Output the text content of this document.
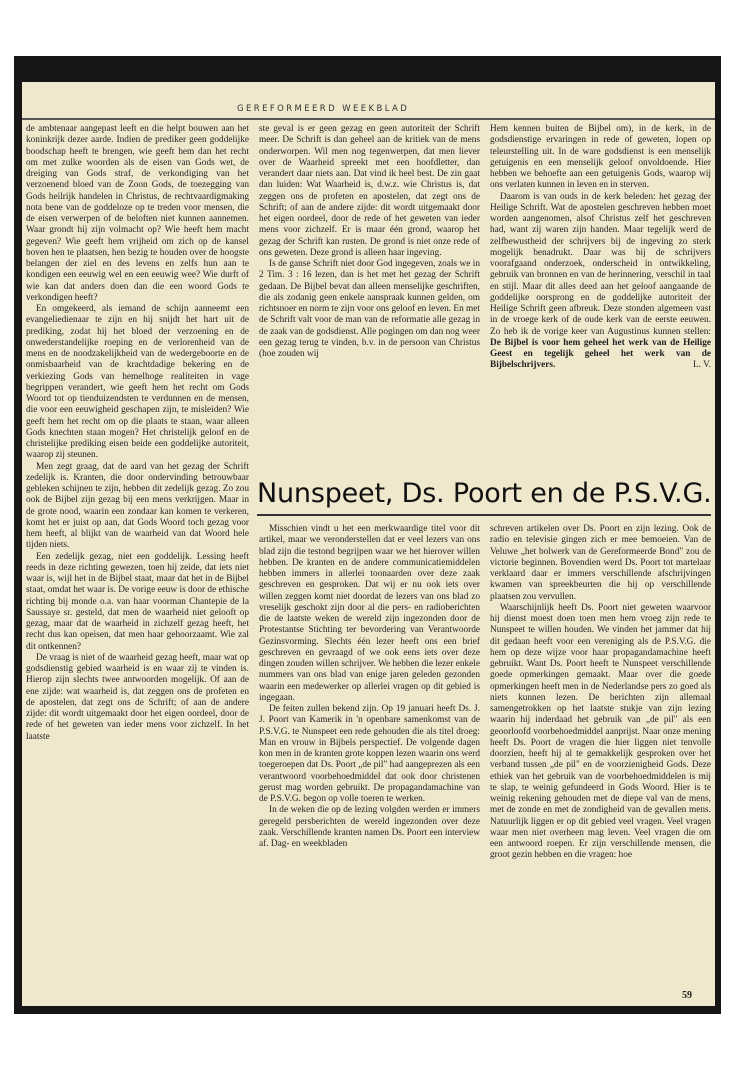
GEREFORMEERD WEEKBLAD

de ambtenaar aangepast leeft en die helpt bouwen aan het koninkrijk dezer aarde. Indien de prediker geen goddelijke boodschap heeft te brengen, wie geeft hem dan het recht om met zulke woorden als de eisen van Gods wet, de dreiging van Gods straf, de verkondiging van het verzoenend bloed van de Zoon Gods, de toezegging van Gods heilrijk handelen in Christus, de rechtvaardigmaking nota bene van de goddeloze op te treden voor mensen, die de eisen verwerpen of de beloften niet kunnen aannemen. Waar grondt hij zijn volmacht op? Wie heeft hem macht gegeven? Wie geeft hem vrijheid om zich op de kansel boven hen te plaatsen, hen bezig te houden over de hoogste belangen der ziel en des levens en zelfs hun aan te kondigen een eeuwig wel en een eeuwig wee? Wie durft of wie kan dat anders doen dan die een woord Gods te verkondigen heeft?

En omgekeerd, als iemand de schijn aanneemt een evangeliedienaar te zijn en hij snijdt het hart uit de prediking, zodat hij het bloed der verzoening en de onwederstandelijke roeping en de verlorenheid van de mens en de noodzakelijkheid van de wedergeboorte en de onmisbaarheid van de krachtdadige bekering en de verkiezing Gods van hemelhoge realiteiten in vage begrippen verandert, wie geeft hem het recht om Gods Woord tot op tienduizendsten te verdunnen en de mensen, die voor een eeuwigheid geschapen zijn, te misleiden? Wie geeft hem het recht om op die plaats te staan, waar alleen Gods knechten staan mogen? Het christelijk geloof en de christelijke prediking eisen beide een goddelijke autoriteit, waarop zij steunen.

Men zegt graag, dat de aard van het gezag der Schrift zedelijk is. Kranten, die door ondervinding betrouwbaar gebleken schijnen te zijn, hebben dit zedelijk gezag. Zo zou ook de Bijbel zijn gezag bij een mens verkrijgen. Maar in de grote nood, waarin een zondaar kan komen te verkeren, komt het er juist op aan, dat Gods Woord toch gezag voor hem heeft, al blijkt van de waarheid van dat Woord hele tijden niets.

Een zedelijk gezag, niet een goddelijk. Lessing heeft reeds in deze richting gewezen, toen hij zeide, dat iets niet waar is, wijl het in de Bijbel staat, maar dat het in de Bijbel staat, omdat het waar is. De vorige eeuw is door de ethische richting bij monde o.a. van haar voorman Chantepie de la Saussaye sr. gesteld, dat men de waarheid niet gelooft op gezag, maar dat de waarheid in zichzelf gezag heeft, het recht dus kan opeisen, dat men haar gehoorzaamt. Wie zal dit ontkennen?

De vraag is niet of de waarheid gezag heeft, maar wat op godsdienstig gebied waarheid is en waar zij te vinden is. Hierop zijn slechts twee antwoorden mogelijk. Of aan de ene zijde: wat waarheid is, dat zeggen ons de profeten en de apostelen, dat zegt ons de Schrift; of aan de andere zijde: dit wordt uitgemaakt door het eigen oordeel, door de rede of het geweten van ieder mens voor zichzelf. In het laatste

ste geval is er geen gezag en geen autoriteit der Schrift meer. De Schrift is dan geheel aan de kritiek van de mens onderworpen. Wil men nog tegenwerpen, dat men liever over de Waarheid spreekt met een hoofdletter, dan verandert daar niets aan. Dat vind ik heel best. De zin gaat dan luiden: Wat Waarheid is, d.w.z. wie Christus is, dat zeggen ons de profeten en apostelen, dat zegt ons de Schrift; of aan de andere zijde: dit wordt uitgemaakt door het eigen oordeel, door de rede of het geweten van ieder mens voor zichzelf. Er is maar één grond, waarop het gezag der Schrift kan rusten. De grond is niet onze rede of ons geweten. Deze grond is alleen haar ingeving.

Is de ganse Schrift niet door God ingegeven, zoals we in 2 Tim. 3 : 16 lezen, dan is het met het gezag der Schrift gedaan. De Bijbel bevat dan alleen menselijke geschriften, die als zodanig geen enkele aanspraak kunnen gelden, om richtsnoer en norm te zijn voor ons geloof en leven. En met de Schrift valt voor de man van de reformatie alle gezag in de zaak van de godsdienst. Alle pogingen om dan nog weer een gezag terug te vinden, b.v. in de persoon van Christus (hoe zouden wij

Hem kennen buiten de Bijbel om), in de kerk, in de godsdienstige ervaringen in rede of geweten, lopen op teleurstelling uit. In de ware godsdienst is een menselijk getuigenis en een menselijk geloof onvoldoende. Hier hebben we behoefte aan een getuigenis Gods, waarop wij ons verlaten kunnen in leven en in sterven.

Daarom is van ouds in de kerk beleden: het gezag der Heilige Schrift. Wat de apostelen geschreven hebben moet worden aangenomen, alsof Christus zelf het geschreven had, want zij waren zijn handen. Maar tegelijk werd de zelfbewustheid der schrijvers bij de ingeving zo sterk mogelijk benadrukt. Daar was bij de schrijvers voorafgaand onderzoek, onderscheid in ontwikkeling, gebruik van bronnen en van de herinnering, verschil in taal en stijl. Maar dit alles deed aan het geloof aangaande de goddelijke oorsprong en de goddelijke autoriteit der Heilige Schrift geen afbreuk. Deze stonden algemeen vast in de vroege kerk of de oude kerk van de eerste eeuwen. Zo heb ik de vorige keer van Augustinus kunnen stellen: De Bijbel is voor hem geheel het werk van de Heilige Geest en tegelijk geheel het werk van de Bijbelschrijvers.	L. V.

Nunspeet, Ds. Poort en de P.S.V.G.

Misschien vindt u het een merkwaardige titel voor dit artikel, maar we veronderstellen dat er veel lezers van ons blad zijn die testond begrijpen waar we het hierover willen hebben. De kranten en de andere communicatiemiddelen hebben immers in allerlei toonaarden over deze zaak geschreven en gesproken. Dat wij er nu ook iets over willen zeggen komt niet doordat de lezers van ons blad zo vreselijk geschokt zijn door al die pers- en radioberichten die de laatste weken de wereld zijn ingezonden door de Protestantse Stichting ter bevordering van Verantwoorde Gezinsvorming. Slechts één lezer heeft ons een brief geschreven en gevraagd of we ook eens iets over deze dingen zouden willen schrijver. We hebben die lezer enkele nummers van ons blad van enige jaren geleden gezonden waarin een medewerker op allerlei vragen op dit gebied is ingegaan.

De feiten zullen bekend zijn. Op 19 januari heeft Ds. J. J. Poort van Kamerik in 'n openbare samenkomst van de P.S.V.G. te Nunspeet een rede gehouden die als titel droeg: Man en vrouw in Bijbels perspectief. De volgende dagen kon men in de kranten grote koppen lezen waarin ons werd toegeroepen dat Ds. Poort „de pil" had aangeprezen als een verantwoord voorbehoedmiddel dat ook door christenen gerust mag worden gebruikt. De propagandamachine van de P.S.V.G. begon op volle toeren te werken.

In de weken die op de lezing volgden werden er immers geregeld persberichten de wereld ingezonden over deze zaak. Verschillende kranten namen Ds. Poort een interview af. Dag- en weekbladen

schreven artikelen over Ds. Poort en zijn lezing. Ook de radio en televisie gingen zich er mee bemoeien. Van de Veluwe „het bolwerk van de Gereformeerde Bond" zou de victorie beginnen. Bovendien werd Ds. Poort tot martelaar verklaard daar er immers verschillende afschrijvingen kwamen van spreekbeurten die hij op verschillende plaatsen zou vervullen.

Waarschijnlijk heeft Ds. Poort niet geweten waarvoor hij dienst moest doen toen men hem vroeg zijn rede te Nunspeet te willen houden. We vinden het jammer dat hij dit gedaan heeft voor een vereniging als de P.S.V.G. die hem op deze wijze voor haar propagandamachine heeft gebruikt. Want Ds. Poort heeft te Nunspeet verschillende goede opmerkingen gemaakt. Maar over die goede opmerkingen heeft men in de Nederlandse pers zo goed als niets kunnen lezen. De berichten zijn allemaal samengetrokken op het laatste stukje van zijn lezing waarin hij inderdaad het gebruik van „de pil" als een geoorloofd voorbehoedmiddel aanprijst. Naar onze mening heeft Ds. Poort de vragen die hier liggen niet tenvolle doorzien, heeft hij al te gemakkelijk gesproken over het verband tussen „de pil" en de voorzienigheid Gods. Deze ethiek van het gebruik van de voorbehoedmiddelen is mij te slap, te weinig gefundeerd in Gods Woord. Hier is te weinig rekening gehouden met de diepe val van de mens, met de zonde en met de zondigheid van de gevallen mens. Natuurlijk liggen er op dit gebied veel vragen. Veel vragen waar men niet overheen mag leven. Veel vragen die om een antwoord roepen. Er zijn verschillende mensen, die groot gezin hebben en die vragen: hoe

59
